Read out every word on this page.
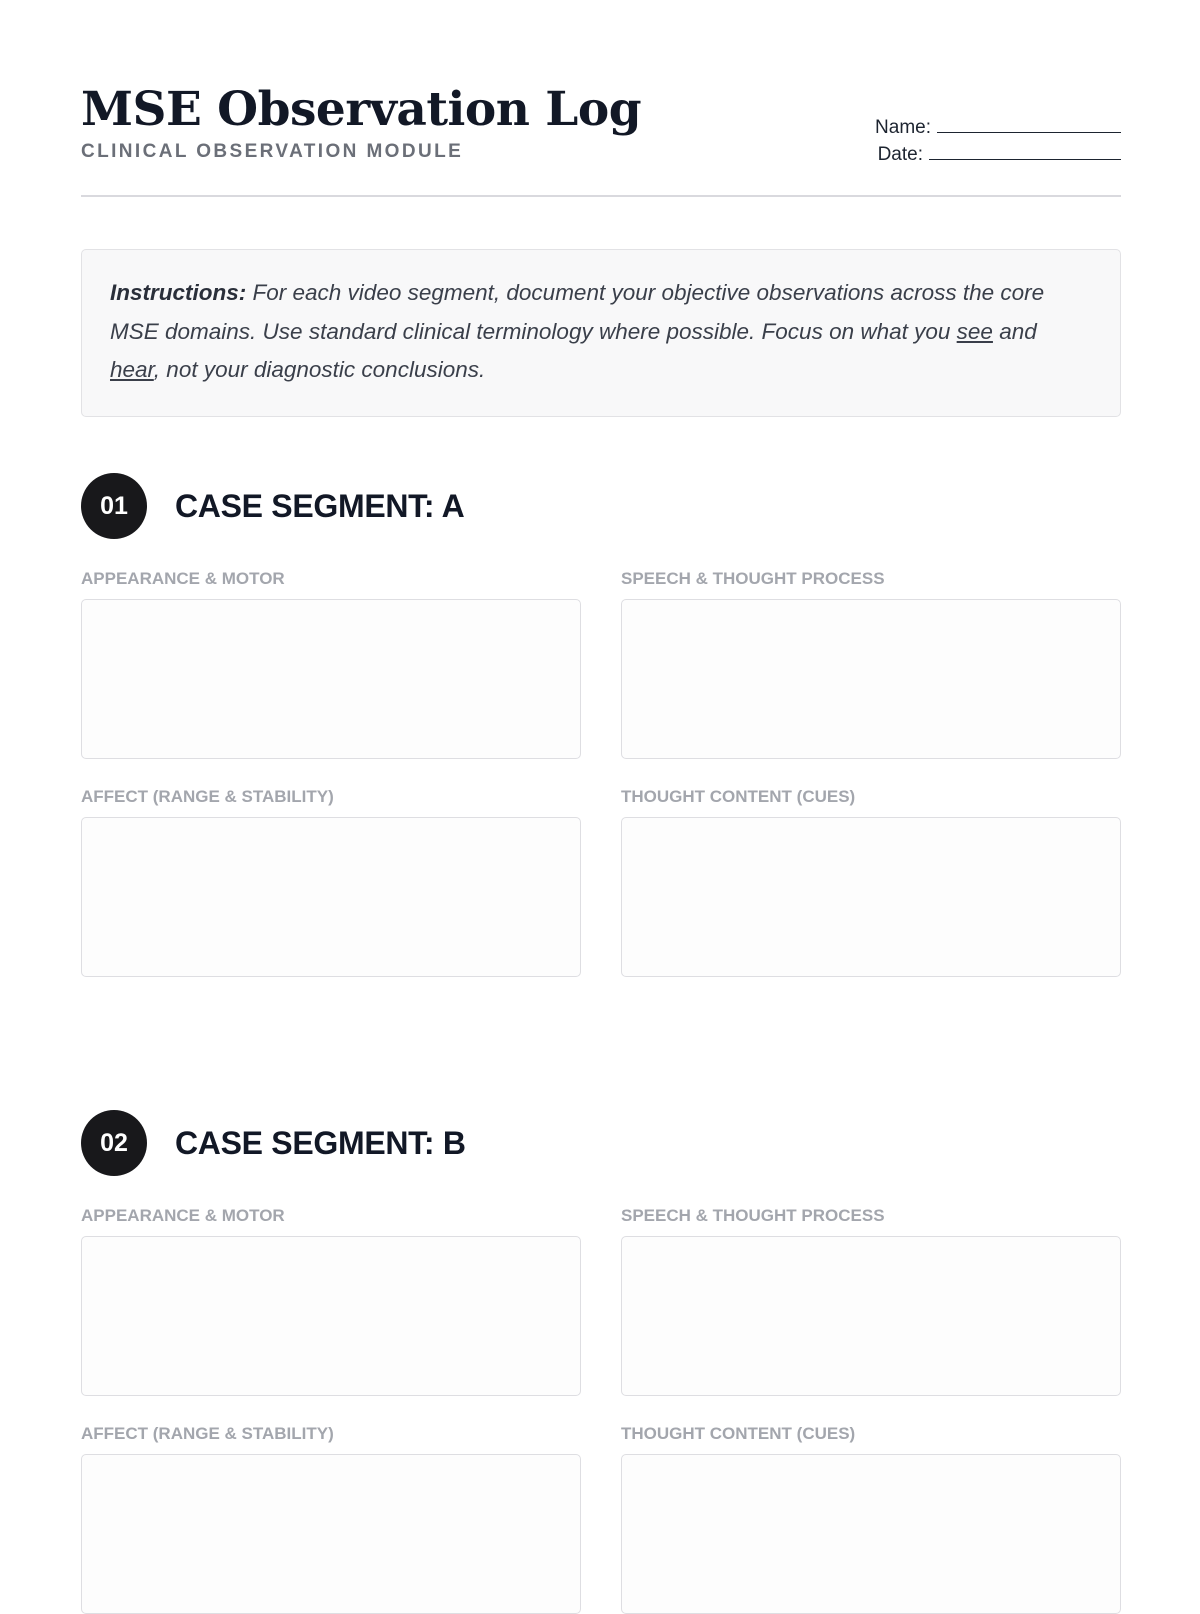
MSE Observation Log
CLINICAL OBSERVATION MODULE
Name:
Date:
Instructions: For each video segment, document your objective observations across the core MSE domains. Use standard clinical terminology where possible. Focus on what you see and hear, not your diagnostic conclusions.
01	CASE SEGMENT: A
APPEARANCE & MOTOR	SPEECH & THOUGHT PROCESS
AFFECT (RANGE & STABILITY)	THOUGHT CONTENT (CUES)
02	CASE SEGMENT: B
APPEARANCE & MOTOR	SPEECH & THOUGHT PROCESS
AFFECT (RANGE & STABILITY)	THOUGHT CONTENT (CUES)
